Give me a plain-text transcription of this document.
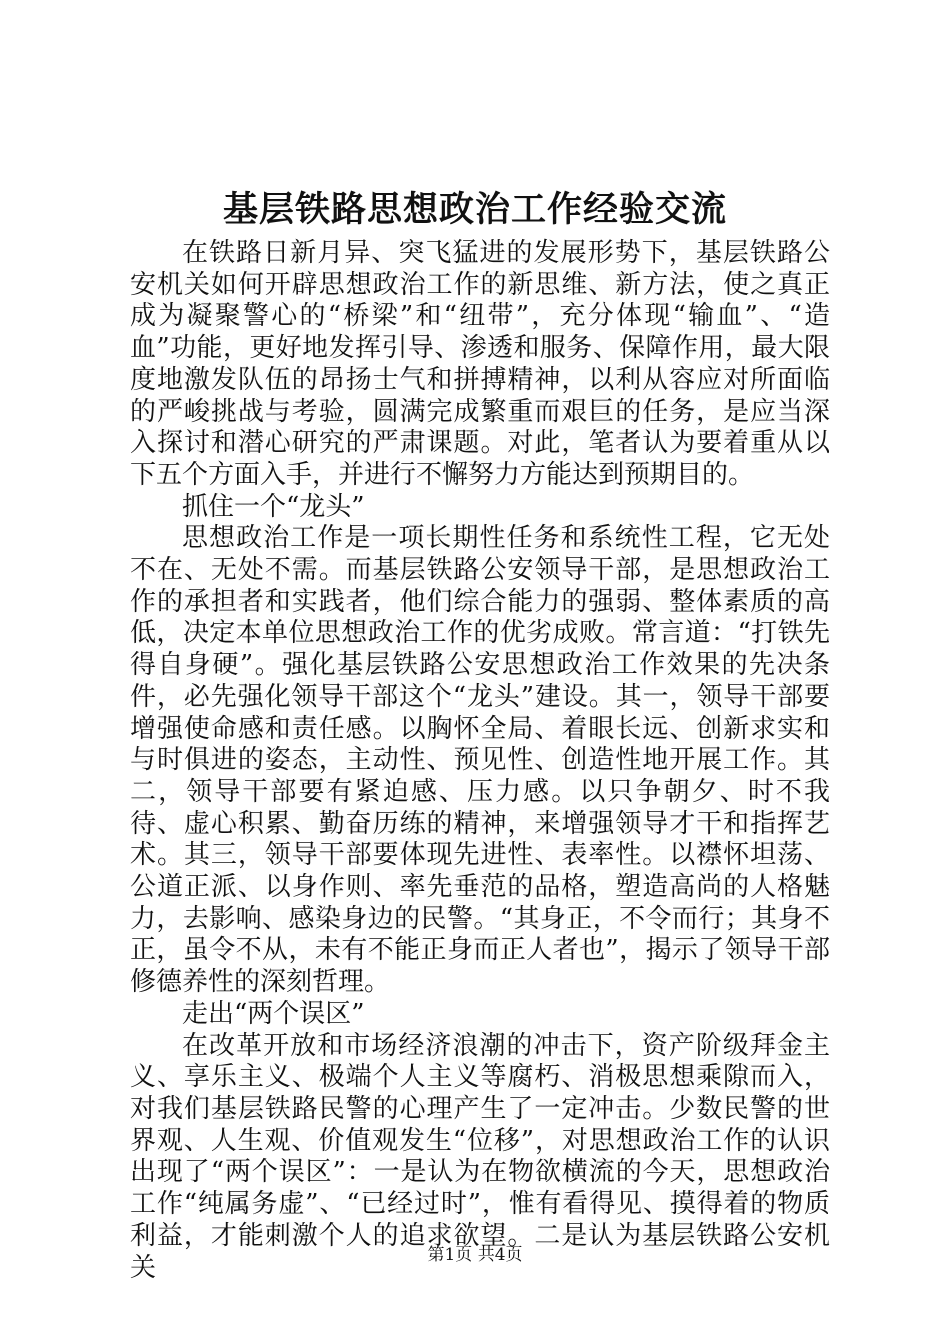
基层铁路思想政治工作经验交流

在铁路日新月异、突飞猛进的发展形势下，基层铁路公安机关如何开辟思想政治工作的新思维、新方法，使之真正成为凝聚警心的“桥梁”和“纽带”，充分体现“输血”、“造血”功能，更好地发挥引导、渗透和服务、保障作用，最大限度地激发队伍的昂扬士气和拼搏精神，以利从容应对所面临的严峻挑战与考验，圆满完成繁重而艰巨的任务，是应当深入探讨和潜心研究的严肃课题。对此，笔者认为要着重从以下五个方面入手，并进行不懈努力方能达到预期目的。

抓住一个“龙头”

思想政治工作是一项长期性任务和系统性工程，它无处不在、无处不需。而基层铁路公安领导干部，是思想政治工作的承担者和实践者，他们综合能力的强弱、整体素质的高低，决定本单位思想政治工作的优劣成败。常言道：“打铁先得自身硬”。强化基层铁路公安思想政治工作效果的先决条件，必先强化领导干部这个“龙头”建设。其一，领导干部要增强使命感和责任感。以胸怀全局、着眼长远、创新求实和与时俱进的姿态，主动性、预见性、创造性地开展工作。其二，领导干部要有紧迫感、压力感。以只争朝夕、时不我待、虚心积累、勤奋历练的精神，来增强领导才干和指挥艺术。其三，领导干部要体现先进性、表率性。以襟怀坦荡、公道正派、以身作则、率先垂范的品格，塑造高尚的人格魅力，去影响、感染身边的民警。“其身正，不令而行；其身不正，虽令不从，未有不能正身而正人者也”，揭示了领导干部修德养性的深刻哲理。

走出“两个误区”

在改革开放和市场经济浪潮的冲击下，资产阶级拜金主义、享乐主义、极端个人主义等腐朽、消极思想乘隙而入，对我们基层铁路民警的心理产生了一定冲击。少数民警的世界观、人生观、价值观发生“位移”，对思想政治工作的认识出现了“两个误区”：一是认为在物欲横流的今天，思想政治工作“纯属务虚”、“已经过时”，惟有看得见、摸得着的物质利益，才能刺激个人的追求欲望。二是认为基层铁路公安机关	第1页 共4页
